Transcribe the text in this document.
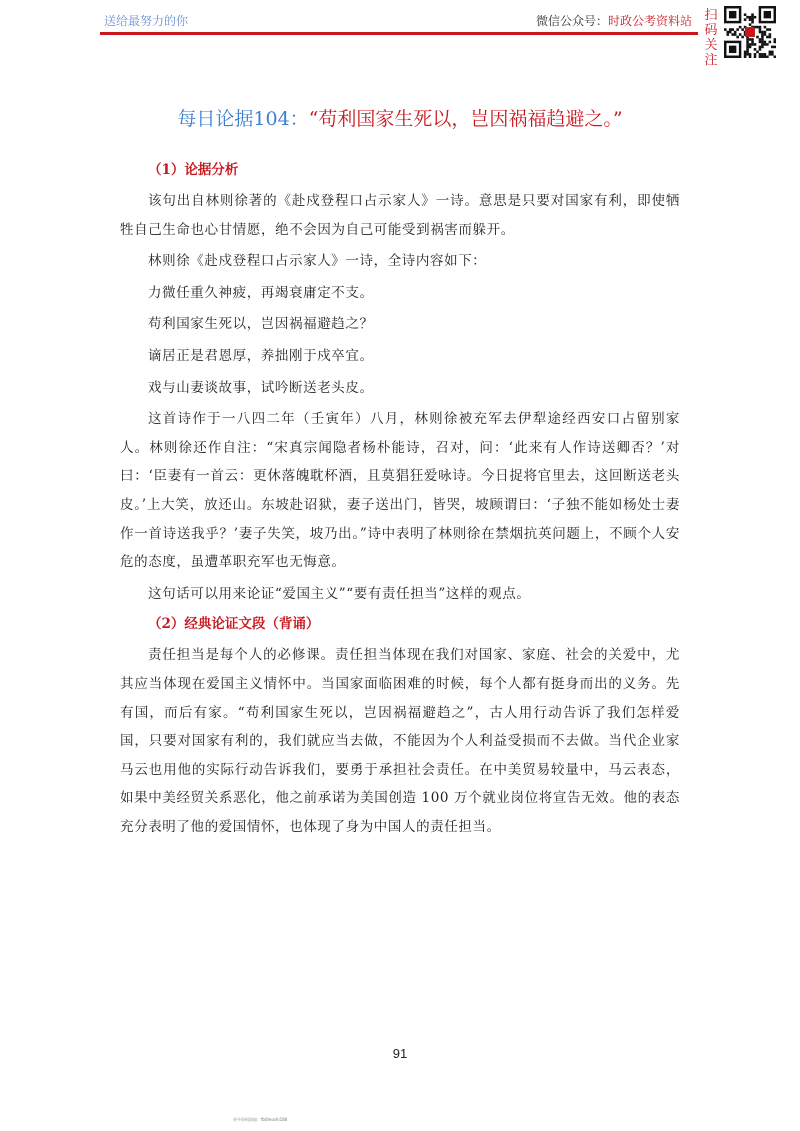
送给最努力的你	微信公众号：时政公考资料站 扫码关注
每日论据104：“苟利国家生死以，岂因祸福趋避之。”

（1）论据分析

该句出自林则徐著的《赴戍登程口占示家人》一诗。意思是只要对国家有利，即使牺牲自己生命也心甘情愿，绝不会因为自己可能受到祸害而躲开。

林则徐《赴戍登程口占示家人》一诗，全诗内容如下：

力微任重久神疲，再竭衰庸定不支。

苟利国家生死以，岂因祸福避趋之？

谪居正是君恩厚，养拙刚于戍卒宜。

戏与山妻谈故事，试吟断送老头皮。

这首诗作于一八四二年（壬寅年）八月，林则徐被充军去伊犁途经西安口占留别家人。林则徐还作自注：“宋真宗闻隐者杨朴能诗，召对，问：‘此来有人作诗送卿否？’对曰：‘臣妻有一首云：更休落魄耽杯酒，且莫猖狂爱咏诗。今日捉将官里去，这回断送老头皮。’上大笑，放还山。东坡赴诏狱，妻子送出门，皆哭，坡顾谓曰：‘子独不能如杨处士妻作一首诗送我乎？’妻子失笑，坡乃出。”诗中表明了林则徐在禁烟抗英问题上，不顾个人安危的态度，虽遭革职充军也无悔意。

这句话可以用来论证“爱国主义”“要有责任担当”这样的观点。

（2）经典论证文段（背诵）

责任担当是每个人的必修课。责任担当体现在我们对国家、家庭、社会的关爱中，尤其应当体现在爱国主义情怀中。当国家面临困难的时候，每个人都有挺身而出的义务。先有国，而后有家。“苟利国家生死以，岂因祸福避趋之”，古人用行动告诉了我们怎样爱国，只要对国家有利的，我们就应当去做，不能因为个人利益受损而不去做。当代企业家马云也用他的实际行动告诉我们，要勇于承担社会责任。在中美贸易较量中，马云表态，如果中美经贸关系恶化，他之前承诺为美国创造 100 万个就业岗位将宣告无效。他的表态充分表明了他的爱国情怀，也体现了身为中国人的责任担当。

91
更多资料添加：fb0moshi188
